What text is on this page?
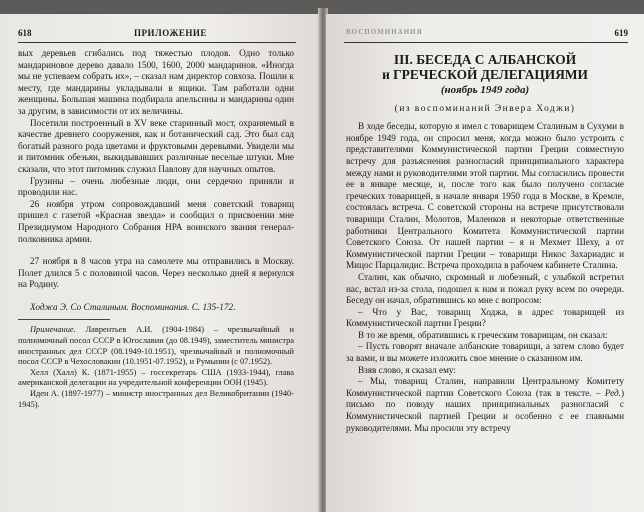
618	ПРИЛОЖЕНИЕ

вых деревьев сгибались под тяжестью плодов. Одно только мандариновое дерево давало 1500, 1600, 2000 мандаринов. «Иногда мы не успеваем собрать их», – сказал нам директор совхоза. Пошли к месту, где мандарины укладывали в ящики. Там работали одни женщины. Большая машина подбирала апельсины и мандарины один за другим, в зависимости от их величины.

Посетили построенный в XV веке старинный мост, охраняемый в качестве древнего сооружения, как и ботанический сад. Это был сад богатый разного рода цветами и фруктовыми деревьями. Увидели мы и питомник обезьян, выкидывавших различные веселые штуки. Мне сказали, что этот питомник служил Павлову для научных опытов.

Грузины – очень любезные люди, они сердечно приняли и проводили нас.

26 ноября утром сопровождавший меня советский товарищ пришел с газетой «Красная звезда» и сообщил о присвоении мне Президиумом Народного Собрания НРА воинского звания генерал-полковника армии.

27 ноября в 8 часов утра на самолете мы отправились в Москву. Полет длился 5 с половиной часов. Через несколько дней я вернулся на Родину.

Ходжа Э. Со Сталиным. Воспоминания. С. 135-172.

Примечание. Лаврентьев А.И. (1904-1984) – чрезвычайный и полномочный посол СССР в Югославии (до 08.1949), заместитель министра иностранных дел СССР (08.1949-10.1951), чрезвычайный и полномочный посол СССР в Чехословакии (10.1951-07.1952), и Румынии (с 07.1952).

Хелл (Халл) К. (1871-1955) – госсекретарь США (1933-1944), глава американской делегации на учредительной конференции ООН (1945).

Иден А. (1897-1977) – министр иностранных дел Великобритании (1940-1945).

ВОСПОМИНАНИЯ	619
III. БЕСЕДА С АЛБАНСКОЙ
и ГРЕЧЕСКОЙ ДЕЛЕГАЦИЯМИ
(ноябрь 1949 года)
(из воспоминаний Энвера Ходжи)

В ходе беседы, которую я имел с товарищем Сталиным в Сухуми в ноябре 1949 года, он спросил меня, когда можно было устроить с представителями Коммунистической партии Греции совместную встречу для разъяснения разногласий принципиального характера между нами и руководителями этой партии. Мы согласились провести ее в январе месяце, и, после того как было получено согласие греческих товарищей, в начале января 1950 года в Москве, в Кремле, состоялась встреча. С советской стороны на встрече присутствовали товарищи Сталин, Молотов, Маленков и некоторые ответственные работники Центрального Комитета Коммунистической партии Советского Союза. От нашей партии – я и Мехмет Шеху, а от Коммунистической партии Греции – товарищи Никос Захариадис и Мицос Парцалидис. Встреча проходила в рабочем кабинете Сталина.

Сталин, как обычно, скромный и любезный, с улыбкой встретил нас, встал из-за стола, подошел к нам и пожал руку всем по очереди. Беседу он начал, обратившись ко мне с вопросом:

– Что у Вас, товарищ Ходжа, в адрес товарищей из Коммунистической партии Греции?

В то же время, обратившись к греческим товарищам, он сказал:

– Пусть говорят вначале албанские товарищи, а затем слово будет за вами, и вы можете изложить свое мнение о сказанном им.

Взяв слово, я сказал ему:

– Мы, товарищ Сталин, направили Центральному Комитету Коммунистической партии Советского Союза (так в тексте. – Ред.) письмо по поводу наших принципиальных разногласий с Коммунистической партией Греции и особенно с ее главными руководителями. Мы просили эту встречу
